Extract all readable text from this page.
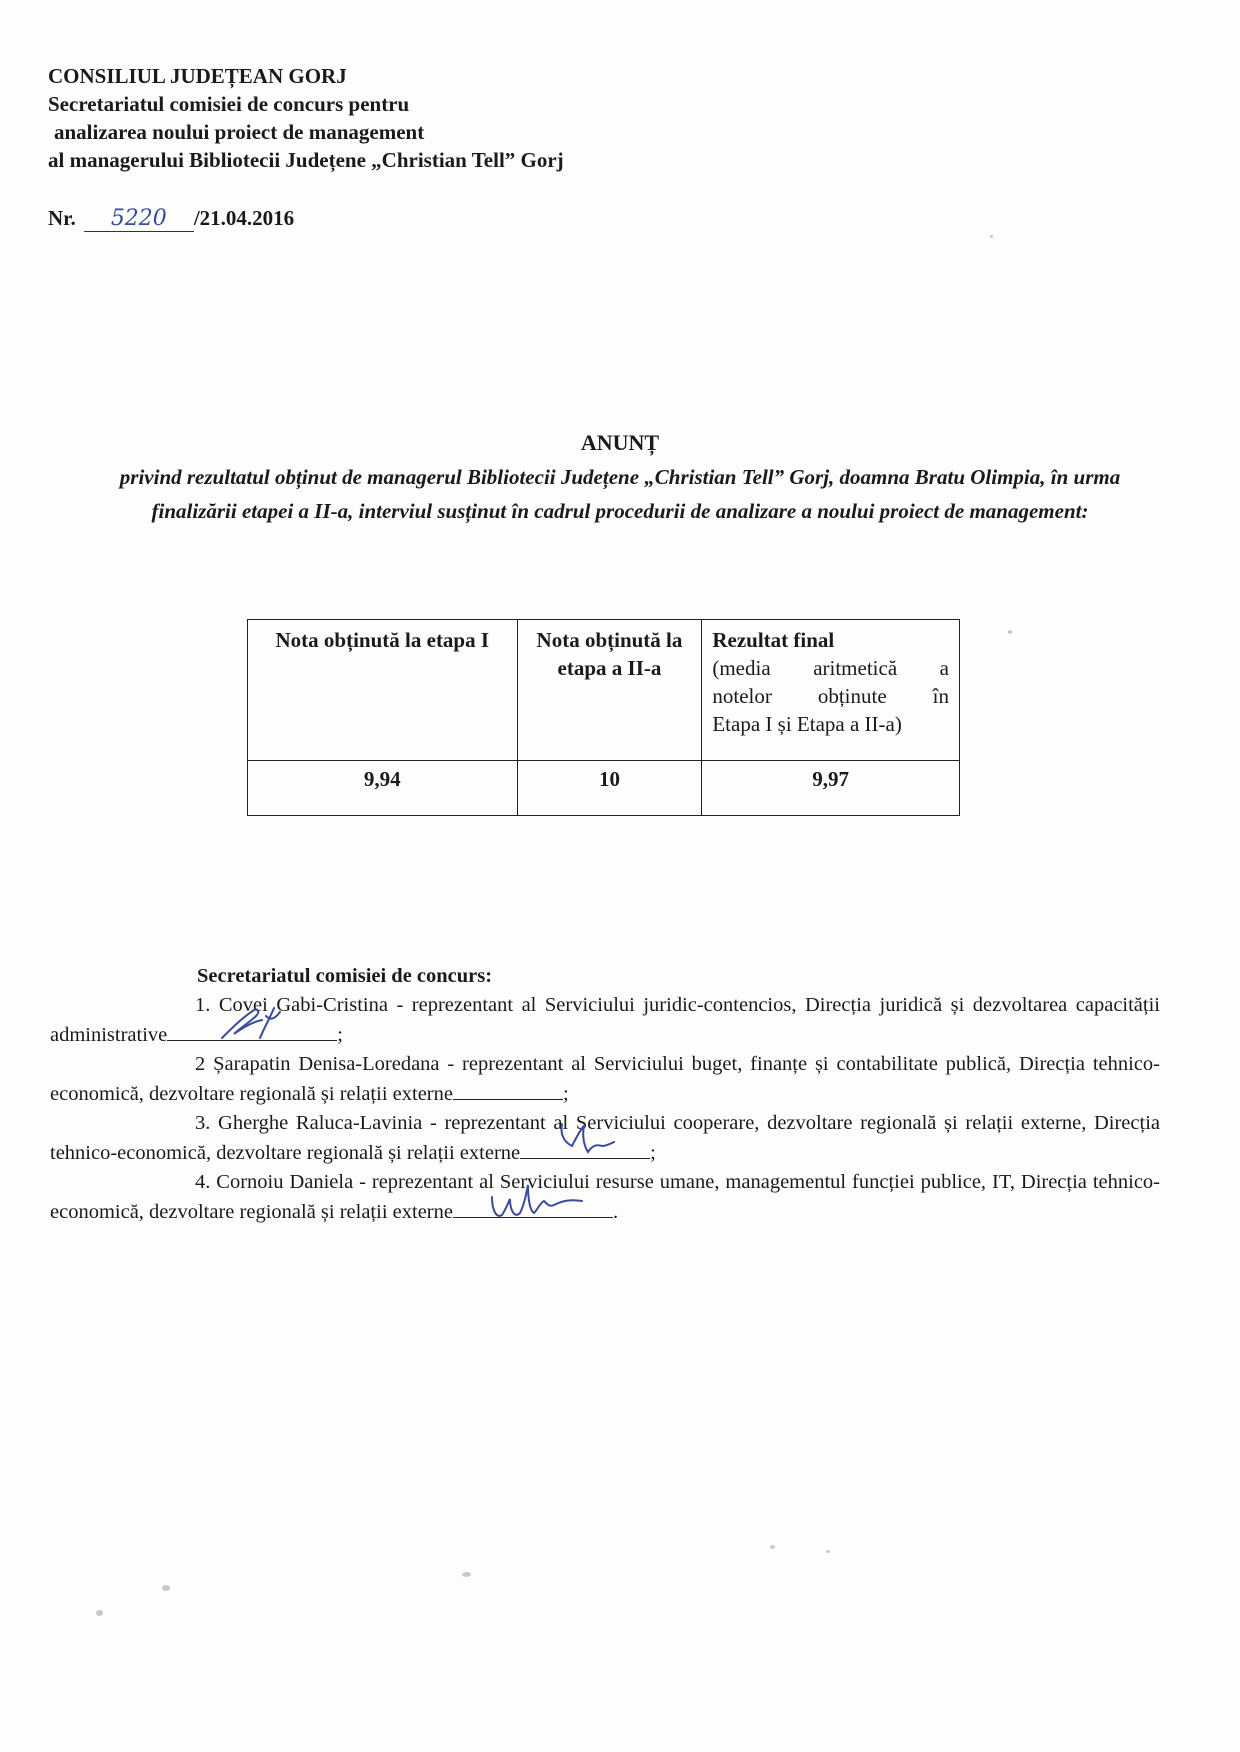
CONSILIUL JUDEȚEAN GORJ
Secretariatul comisiei de concurs pentru
analizarea noului proiect de management
al managerului Bibliotecii Județene „Christian Tell” Gorj
Nr. 5220 /21.04.2016
ANUNȚ
privind rezultatul obținut de managerul Bibliotecii Județene „Christian Tell” Gorj, doamna Bratu Olimpia, în urma finalizării etapei a II-a, interviul susținut în cadrul procedurii de analizare a noului proiect de management:
Nota obținută la etapa I	Nota obținută la etapa a II-a	Rezultat final
(media aritmetică a
notelor obținute în
Etapa I și Etapa a II-a)

9,94	10	9,97
Secretariatul comisiei de concurs:

1. Covei Gabi-Cristina - reprezentant al Serviciului juridic-contencios, Direcția juridică și dezvoltarea capacității administrative	;

2 Șarapatin Denisa-Loredana - reprezentant al Serviciului buget, finanțe și contabilitate publică, Direcția tehnico-economică, dezvoltare regională și relații externe	;

3. Gherghe Raluca-Lavinia - reprezentant al Serviciului cooperare, dezvoltare regională și relații externe, Direcția tehnico-economică, dezvoltare regională și relații externe	;

4. Cornoiu Daniela - reprezentant al Serviciului resurse umane, managementul funcției publice, IT, Direcția tehnico-economică, dezvoltare regională și relații externe	.
